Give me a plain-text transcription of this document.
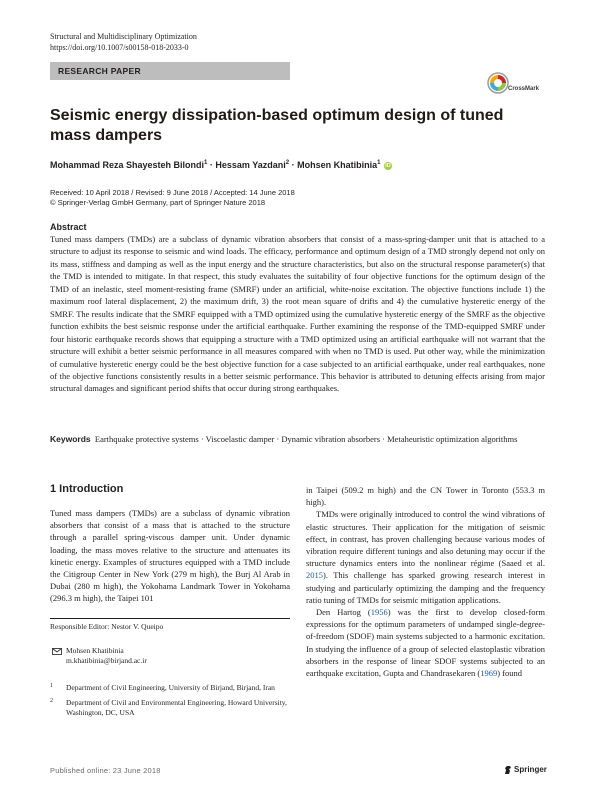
Structural and Multidisciplinary Optimization
https://doi.org/10.1007/s00158-018-2033-0
RESEARCH PAPER
CrossMark
Seismic energy dissipation-based optimum design of tuned mass dampers
Mohammad Reza Shayesteh Bilondi$^1$ · Hessam Yazdani$^2$ · Mohsen Khatibinia$^1$ iD
Received: 10 April 2018 / Revised: 9 June 2018 / Accepted: 14 June 2018
© Springer-Verlag GmbH Germany, part of Springer Nature 2018
Abstract
Tuned mass dampers (TMDs) are a subclass of dynamic vibration absorbers that consist of a mass-spring-damper unit that is attached to a structure to adjust its response to seismic and wind loads. The efficacy, performance and optimum design of a TMD strongly depend not only on its mass, stiffness and damping as well as the input energy and the structure characteristics, but also on the structural response parameter(s) that the TMD is intended to mitigate. In that respect, this study evaluates the suitability of four objective functions for the optimum design of the TMD of an inelastic, steel moment-resisting frame (SMRF) under an artificial, white-noise excitation. The objective functions include 1) the maximum roof lateral displacement, 2) the maximum drift, 3) the root mean square of drifts and 4) the cumulative hysteretic energy of the SMRF. The results indicate that the SMRF equipped with a TMD optimized using the cumulative hysteretic energy of the SMRF as the objective function exhibits the best seismic response under the artificial earthquake. Further examining the response of the TMD-equipped SMRF under four historic earthquake records shows that equipping a structure with a TMD optimized using an artificial earthquake will not warrant that the structure will exhibit a better seismic performance in all measures compared with when no TMD is used. Put other way, while the minimization of cumulative hysteretic energy could be the best objective function for a case subjected to an artificial earthquake, under real earthquakes, none of the objective functions consistently results in a better seismic performance. This behavior is attributed to detuning effects arising from major structural damages and significant period shifts that occur during strong earthquakes.
Keywords Earthquake protective systems · Viscoelastic damper · Dynamic vibration absorbers · Metaheuristic optimization algorithms
1 Introduction
Tuned mass dampers (TMDs) are a subclass of dynamic vibration absorbers that consist of a mass that is attached to the structure through a parallel spring-viscous damper unit. Under dynamic loading, the mass moves relative to the structure and attenuates its kinetic energy. Examples of structures equipped with a TMD include the Citigroup Center in New York (279 m high), the Burj Al Arab in Dubai (280 m high), the Yokohama Landmark Tower in Yokohama (296.3 m high), the Taipei 101

in Taipei (509.2 m high) and the CN Tower in Toronto (553.3 m high).

TMDs were originally introduced to control the wind vibrations of elastic structures. Their application for the mitigation of seismic effect, in contrast, has proven challenging because various modes of vibration require different tunings and also detuning may occur if the structure dynamics enters into the nonlinear régime (Saaed et al. 2015). This challenge has sparked growing research interest in studying and particularly optimizing the damping and the frequency ratio tuning of TMDs for seismic mitigation applications.

Den Hartog (1956) was the first to develop closed-form expressions for the optimum parameters of undamped single-degree-of-freedom (SDOF) main systems subjected to a harmonic excitation. In studying the influence of a group of selected elastoplastic vibration absorbers in the response of linear SDOF systems subjected to an earthquake excitation, Gupta and Chandrasekaren (1969) found

Responsible Editor: Nestor V. Queipo
Mohsen Khatibinia
m.khatibinia@birjand.ac.ir
1 Department of Civil Engineering, University of Birjand, Birjand, Iran
2 Department of Civil and Environmental Engineering, Howard University, Washington, DC, USA
Published online: 23 June 2018	Springer
